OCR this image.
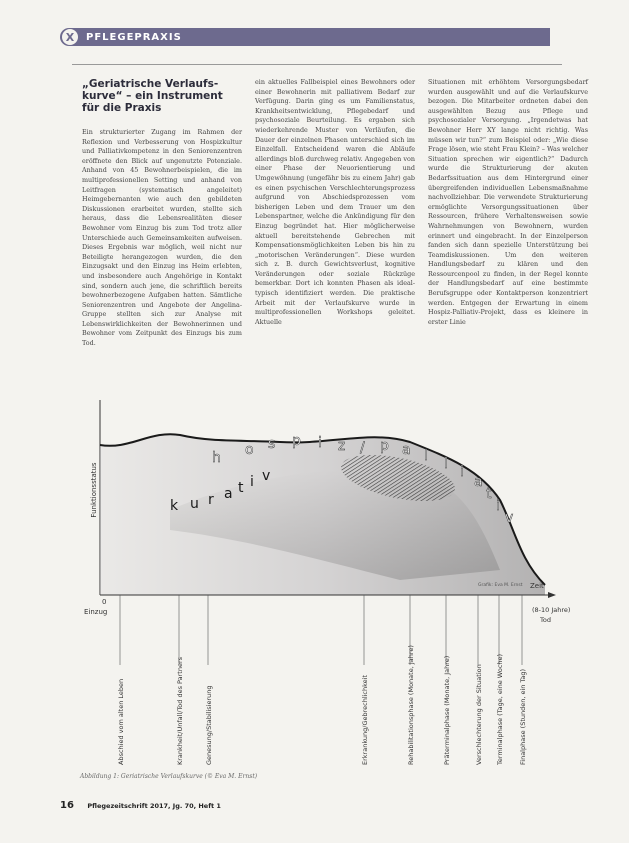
X	PFLEGEPRAXIS
„Geriatrische Verlaufs-kurve“ – ein Instrument für die Praxis
Ein strukturierter Zugang im Rahmen der Reflexion und Verbesserung von Hospizkultur und Palliativkompetenz in den Seniorenzentren eröffnete den Blick auf ungenutzte Potenziale. Anhand von 45 Bewohnerbeispielen, die im multiprofessionellen Setting und anhand von Leitfragen (systematisch angeleitet) Heimgebernanten wie auch den gebildeten Diskussionen erarbeitet wurden, stellte sich heraus, dass die Lebensrealitäten dieser Bewohner vom Einzug bis zum Tod trotz aller Unterschiede auch Gemeinsamkeiten aufweisen. Dieses Ergebnis war möglich, weil nicht nur Beteiligte herangezogen wurden, die den Einzugsakt und den Einzug ins Heim erlebten, und insbesondere auch Angehörige in Kontakt sind, sondern auch jene, die schriftlich bereits bewohnerbezogene Aufgaben hatten. Sämtliche Seniorenzentren und Angebote der Angelina-Gruppe stellten sich zur Analyse mit Lebenswirklichkeiten der Bewohnerinnen und Bewohner vom Zeitpunkt des Einzugs bis zum Tod.
ein aktuelles Fallbeispiel eines Bewohners oder einer Bewohnerin mit palliativem Bedarf zur Verfügung. Darin ging es um Familienstatus, Krankheitsentwicklung, Pflegebedarf und psychosoziale Beurteilung. Es ergaben sich wiederkehrende Muster von Verläufen, die Dauer der einzelnen Phasen unterschied sich im Einzelfall. Entscheidend waren die Abläufe allerdings bloß durchweg relativ. Angegeben von einer Phase der Neuorientierung und Umgewöhnung (ungefähr bis zu einem Jahr) gab es einen psychischen Verschlechterungsprozess aufgrund von Abschiedsprozessen vom bisherigen Leben und dem Trauer um den Lebenspartner, welche die Ankündigung für den Einzug begründet hat. Hier möglicherweise aktuell bereitstehende Gebrechen mit Kompensationsmöglichkeiten Leben bis hin zu „motorischen Veränderungen“. Diese wurden sich z. B. durch Gewichtsverlust, kognitive Veränderungen oder soziale Rückzüge bemerkbar. Dort ich konnten Phasen als ideal-typisch identifiziert werden. Die praktische Arbeit mit der Verlaufskurve wurde in multiprofessionellen Workshops geleitet. Aktuelle
Situationen mit erhöhtem Versorgungsbedarf wurden ausgewählt und auf die Verlaufskurve bezogen. Die Mitarbeiter ordneten dabei den ausgewählten Bezug aus Pflege und psychosozialer Versorgung. „Irgendetwas hat Bewohner Herr XY lange nicht richtig. Was müssen wir tun?“ zum Beispiel oder: „Wie diese Frage lösen, wie steht Frau Klein? – Was welcher Situation sprechen wir eigentlich?“ Dadurch wurde die Strukturierung der akuten Bedarfssituation aus dem Hintergrund einer übergreifenden individuellen Lebensmaßnahme nachvollziehbar. Die verwendete Strukturierung ermöglichte Versorgungssituationen über Ressourcen, frühere Verhaltensweisen sowie Wahrnehmungen von Bewohnern, wurden erinnert und eingebracht. In der Einzelperson fanden sich dann spezielle Unterstützung bei Teamdiskussionen. Um den weiteren Handlungsbedarf zu klären und den Ressourcenpool zu finden, in der Regel konnte der Handlungsbedarf auf eine bestimmte Berufsgruppe oder Kontaktperson konzentriert werden. Entgegen der Erwartung in einem Hospiz-Palliativ-Projekt, dass es kleinere in erster Linie
Funktionsstatus
0
Einzug
Zeit
(8-10 Jahre)
Tod
Grafik: Eva M. Ernst
h o s p i z / p a l l i
a
t
i
v
k u r a t i v
Abschied vom alten Leben	Krankheit/Unfall/Tod des Partners	Genesung/Stabilisierung	Erkrankung/Gebrechlichkeit	Rehabilitationsphase (Monate, Jahre)	Präterminalphase (Monate, Jahre)	Verschlechterung der Situation Terminalphase (Tage, eine Woche) Finalphase (Stunden, ein Tag)
Abbildung 1: Geriatrische Verlaufskurve (© Eva M. Ernst)
16 Pflegezeitschrift 2017, Jg. 70, Heft 1
